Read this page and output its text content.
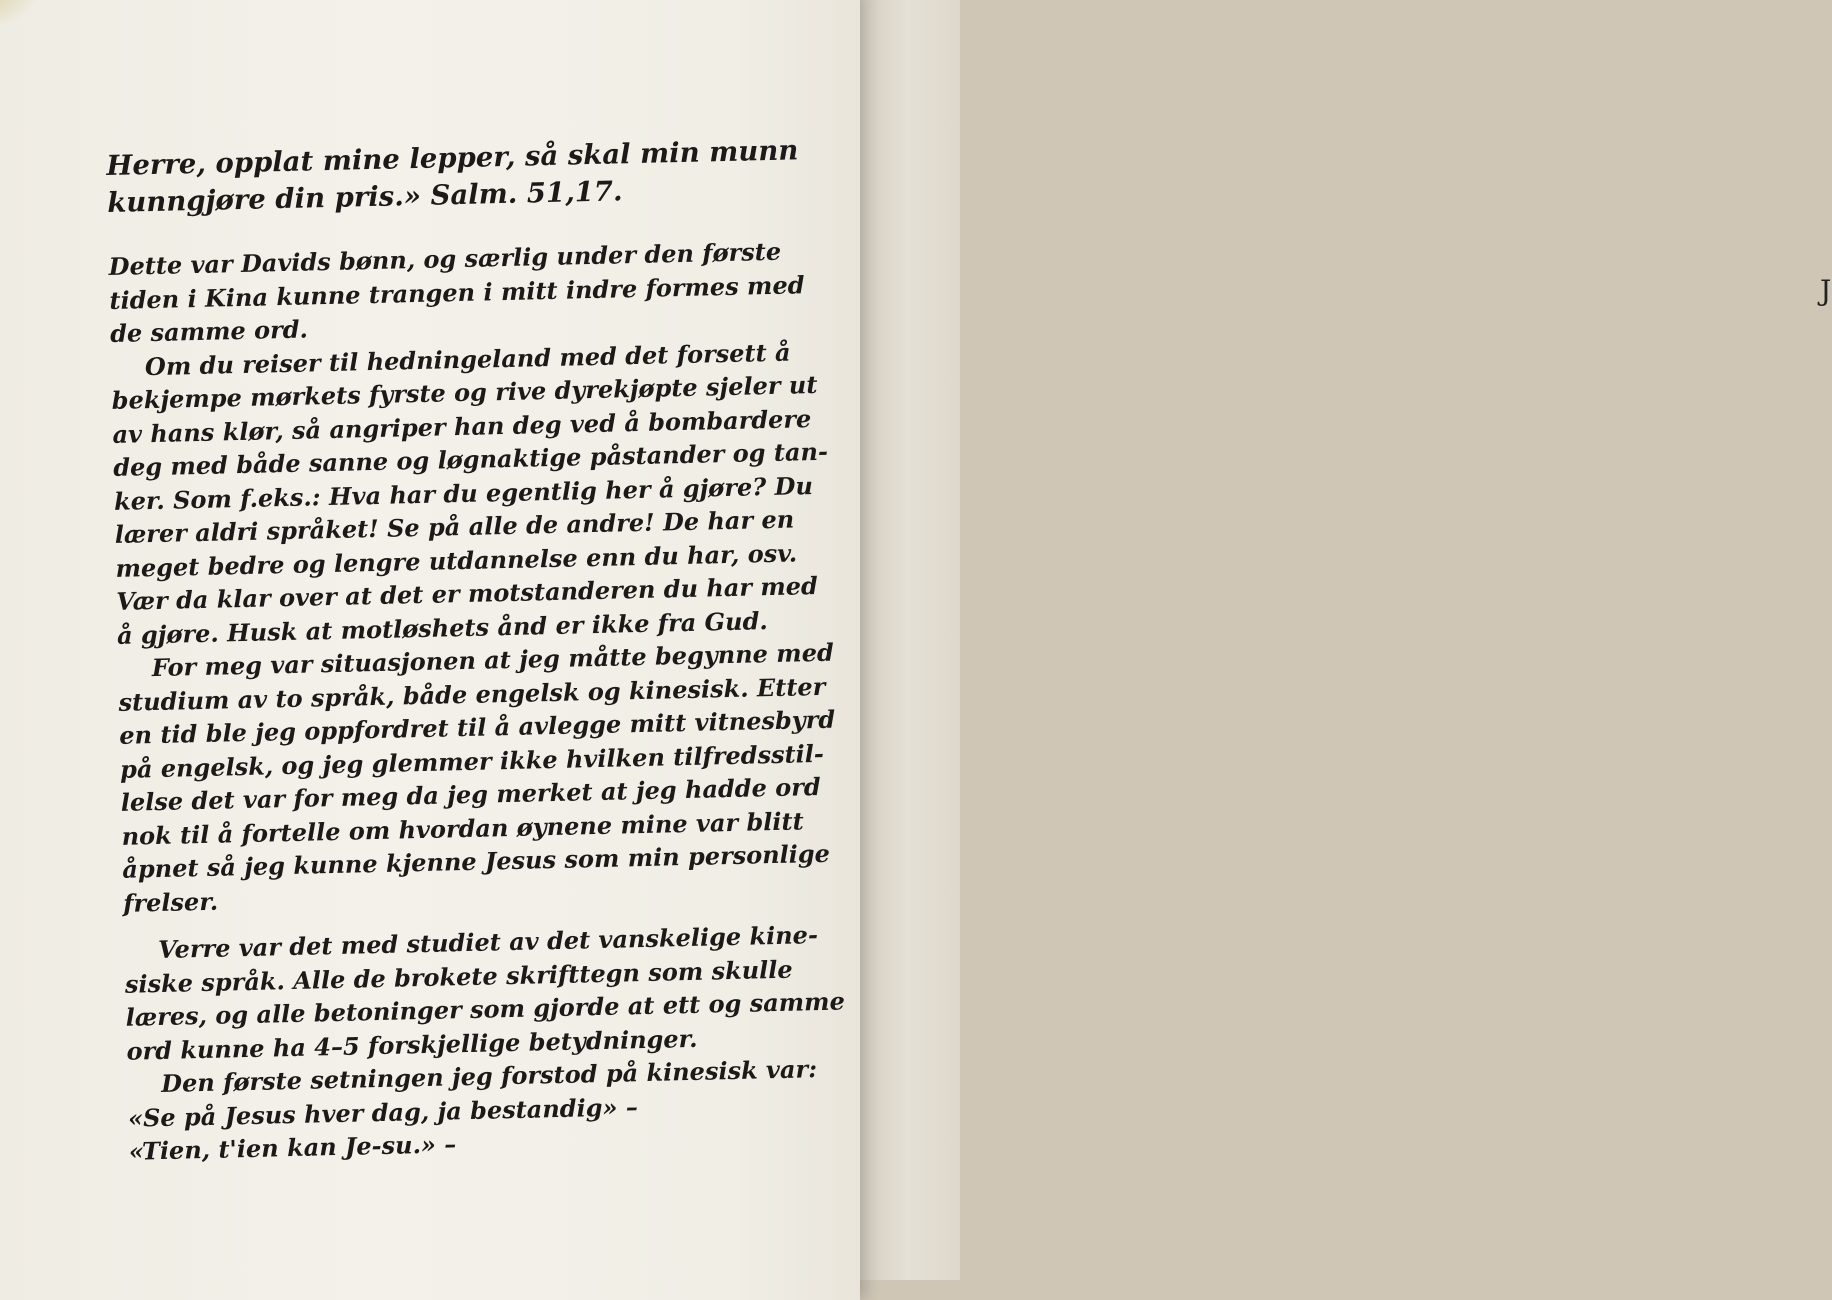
J
Herre, opplat mine lepper, så skal min munn
kunngjøre din pris.» Salm. 51,17.
Dette var Davids bønn, og særlig under den første
tiden i Kina kunne trangen i mitt indre formes med
de samme ord.
Om du reiser til hedningeland med det forsett å
bekjempe mørkets fyrste og rive dyrekjøpte sjeler ut
av hans klør, så angriper han deg ved å bombardere
deg med både sanne og løgnaktige påstander og tan-
ker. Som f.eks.: Hva har du egentlig her å gjøre? Du
lærer aldri språket! Se på alle de andre! De har en
meget bedre og lengre utdannelse enn du har, osv.
Vær da klar over at det er motstanderen du har med
å gjøre. Husk at motløshets ånd er ikke fra Gud.
For meg var situasjonen at jeg måtte begynne med
studium av to språk, både engelsk og kinesisk. Etter
en tid ble jeg oppfordret til å avlegge mitt vitnesbyrd
på engelsk, og jeg glemmer ikke hvilken tilfredsstil-
lelse det var for meg da jeg merket at jeg hadde ord
nok til å fortelle om hvordan øynene mine var blitt
åpnet så jeg kunne kjenne Jesus som min personlige
frelser.
Verre var det med studiet av det vanskelige kine-
siske språk. Alle de brokete skrifttegn som skulle
læres, og alle betoninger som gjorde at ett og samme
ord kunne ha 4–5 forskjellige betydninger.
Den første setningen jeg forstod på kinesisk var:
«Se på Jesus hver dag, ja bestandig» –
«Tien, t'ien kan Je-su.» –
